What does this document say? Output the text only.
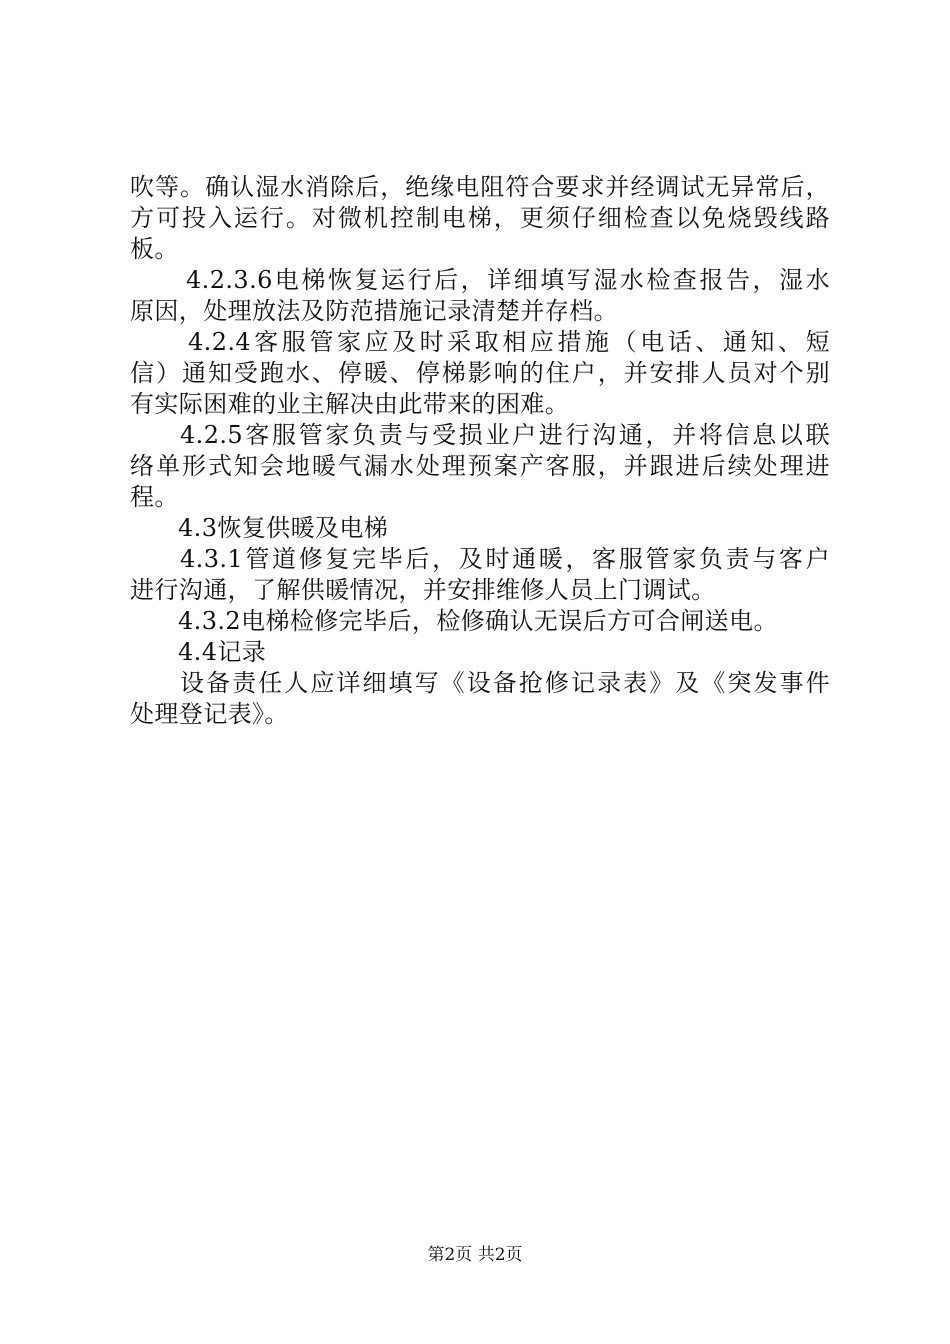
吹等。确认湿水消除后，绝缘电阻符合要求并经调试无异常后，
方可投入运行。对微机控制电梯，更须仔细检查以免烧毁线路
板。
4.2.3.6电梯恢复运行后，详细填写湿水检查报告，湿水
原因，处理放法及防范措施记录清楚并存档。
4.2.4客服管家应及时采取相应措施（电话、通知、短
信）通知受跑水、停暖、停梯影响的住户，并安排人员对个别
有实际困难的业主解决由此带来的困难。
4.2.5客服管家负责与受损业户进行沟通，并将信息以联
络单形式知会地暖气漏水处理预案产客服，并跟进后续处理进
程。
4.3恢复供暖及电梯
4.3.1管道修复完毕后，及时通暖，客服管家负责与客户
进行沟通，了解供暖情况，并安排维修人员上门调试。
4.3.2电梯检修完毕后，检修确认无误后方可合闸送电。
4.4记录
设备责任人应详细填写《设备抢修记录表》及《突发事件
处理登记表》。
第2页 共2页
